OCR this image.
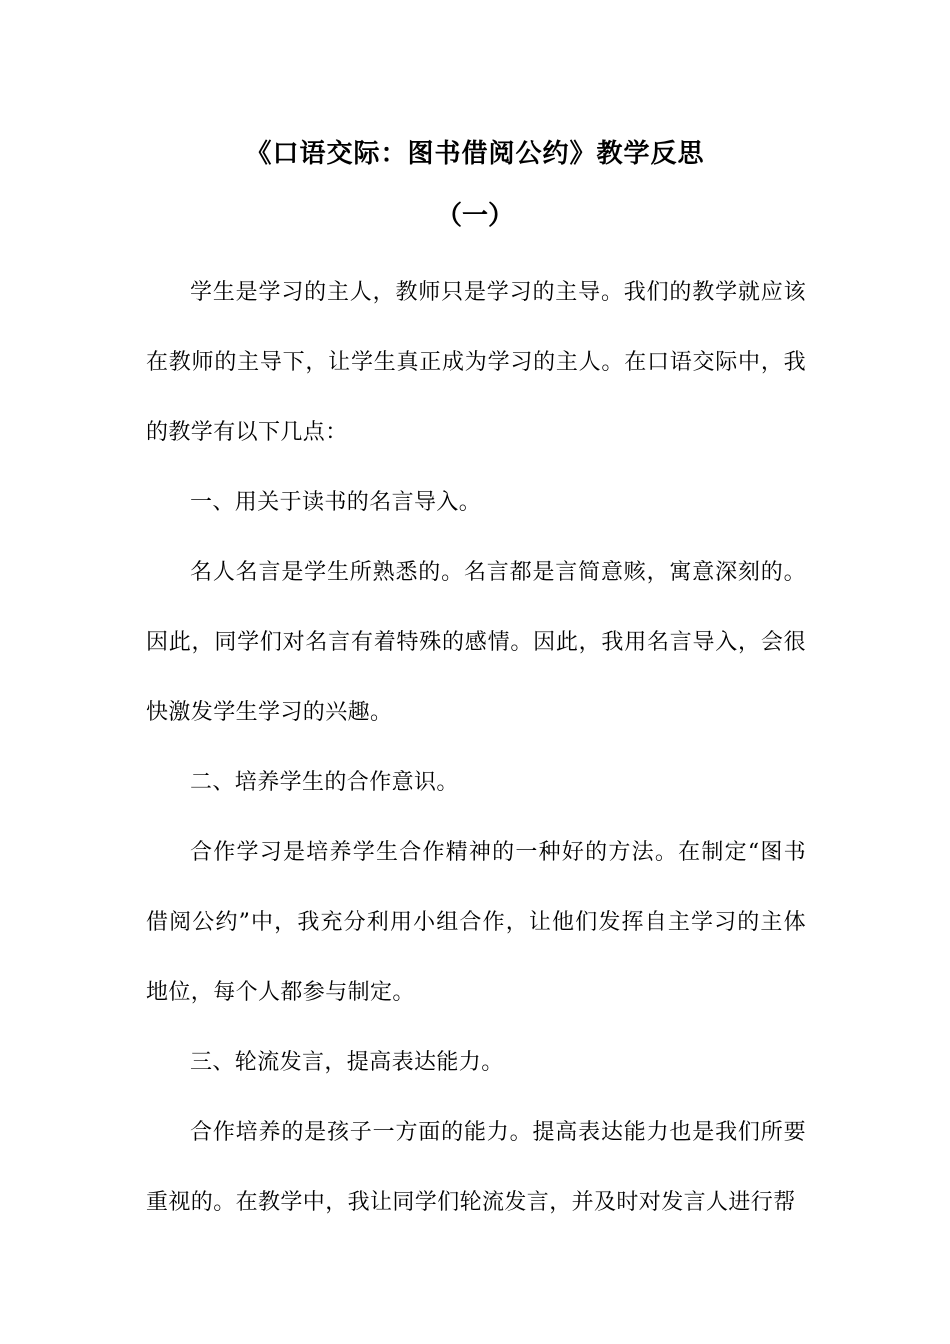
《口语交际：图书借阅公约》教学反思
（一）

学生是学习的主人，教师只是学习的主导。我们的教学就应该在教师的主导下，让学生真正成为学习的主人。在口语交际中，我的教学有以下几点：

一、用关于读书的名言导入。

名人名言是学生所熟悉的。名言都是言简意赅，寓意深刻的。因此，同学们对名言有着特殊的感情。因此，我用名言导入，会很快激发学生学习的兴趣。

二、培养学生的合作意识。

合作学习是培养学生合作精神的一种好的方法。在制定“图书借阅公约”中，我充分利用小组合作，让他们发挥自主学习的主体地位，每个人都参与制定。

三、轮流发言，提高表达能力。

合作培养的是孩子一方面的能力。提高表达能力也是我们所要重视的。在教学中，我让同学们轮流发言，并及时对发言人进行帮
